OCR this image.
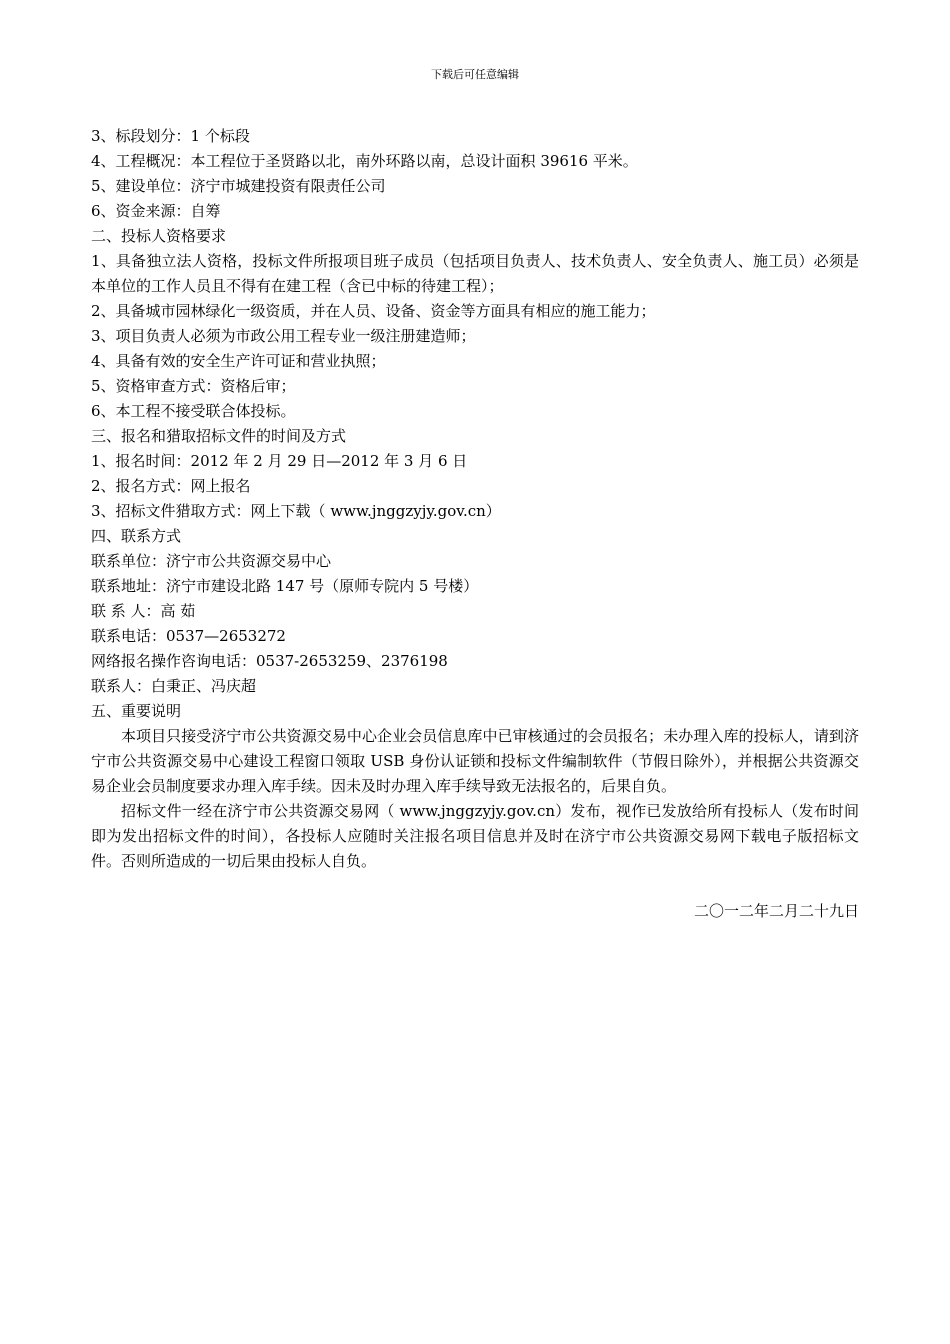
下载后可任意编辑

3、标段划分：1 个标段

4、工程概况：本工程位于圣贤路以北，南外环路以南，总设计面积 39616 平米。

5、建设单位：济宁市城建投资有限责任公司

6、资金来源：自筹

二、投标人资格要求

1、具备独立法人资格，投标文件所报项目班子成员（包括项目负责人、技术负责人、安全负责人、施工员）必须是本单位的工作人员且不得有在建工程（含已中标的待建工程）；

2、具备城市园林绿化一级资质，并在人员、设备、资金等方面具有相应的施工能力；

3、项目负责人必须为市政公用工程专业一级注册建造师；

4、具备有效的安全生产许可证和营业执照；

5、资格审查方式：资格后审；

6、本工程不接受联合体投标。

三、报名和猎取招标文件的时间及方式

1、报名时间：2012 年 2 月 29 日—2012 年 3 月 6 日

2、报名方式：网上报名

3、招标文件猎取方式：网上下载（ www.jnggzyjy.gov.cn）

四、联系方式

联系单位：济宁市公共资源交易中心

联系地址：济宁市建设北路 147 号（原师专院内 5 号楼）

联 系 人：高 茹

联系电话：0537—2653272

网络报名操作咨询电话：0537-2653259、2376198

联系人：白秉正、冯庆超

五、重要说明

本项目只接受济宁市公共资源交易中心企业会员信息库中已审核通过的会员报名；未办理入库的投标人，请到济宁市公共资源交易中心建设工程窗口领取 USB 身份认证锁和投标文件编制软件（节假日除外），并根据公共资源交易企业会员制度要求办理入库手续。因未及时办理入库手续导致无法报名的，后果自负。

招标文件一经在济宁市公共资源交易网（ www.jnggzyjy.gov.cn）发布，视作已发放给所有投标人（发布时间即为发出招标文件的时间），各投标人应随时关注报名项目信息并及时在济宁市公共资源交易网下载电子版招标文件。否则所造成的一切后果由投标人自负。

二〇一二年二月二十九日
